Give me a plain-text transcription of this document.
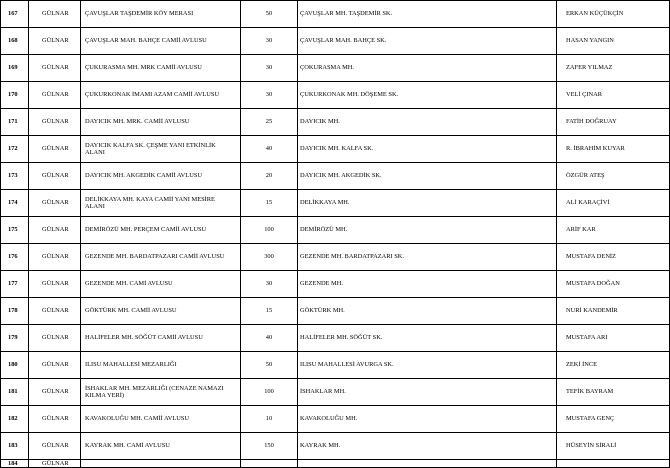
167	GÜLNAR	ÇAVUŞLAR TAŞDEMİR KÖY MERASI	50	ÇAVUŞLAR MH. TAŞDEMİR SK.	ERKAN KÜÇÜKÇİN
168	GÜLNAR	ÇAVUŞLAR MAH. BAHÇE CAMİİ AVLUSU	30	ÇAVUŞLAR MAH. BAHÇE SK.	HASAN YANGIN
169	GÜLNAR	ÇUKURASMA MH. MRK CAMİİ AVLUSU	30	ÇOKURASMA MH.	ZAFER YILMAZ
170	GÜLNAR	ÇUKURKONAK İMAMI AZAM CAMİİ AVLUSU	30	ÇUKURKONAK MH. DÖŞEME SK.	VELİ ÇINAR
171	GÜLNAR	DAYICIK MH. MRK. CAMİİ AVLUSU	25	DAYICIK MH.	FATİH DOĞRUAY
172	GÜLNAR	DAYICIK KALFA SK. ÇEŞME YANI ETKİNLİK ALANI	40	DAYICIK MH. KALFA SK.	R. İBRAHİM KUYAR
173	GÜLNAR	DAYICIK MH. AKGEDİK CAMİİ AVLUSU	20	DAYICIK MH. AKGEDİK SK.	ÖZGÜR ATEŞ
174	GÜLNAR	DELİKKAYA MH. KAYA CAMİİ YANI MESİRE ALANI	15	DELİKKAYA MH.	ALİ KARAÇİVİ
175	GÜLNAR	DEMİRÖZÜ MH. PERÇEM CAMİİ AVLUSU	100	DEMİRÖZÜ MH.	ARİF KAR
176	GÜLNAR	GEZENDE MH. BARDATPAZARI CAMİİ AVLUSU	300	GEZENDE MH. BARDATPAZARI SK.	MUSTAFA DENİZ
177	GÜLNAR	GEZENDE MH. CAMİ AVLUSU	30	GEZENDE MH.	MUSTAFA DOĞAN
178	GÜLNAR	GÖKTÜRK MH. CAMİİ AVLUSU	15	GÖKTÜRK MH.	NURİ KANDEMİR
179	GÜLNAR	HALİFELER MH. SÖĞÜT CAMİİ AVLUSU	40	HALİFELER MH. SÖĞÜT SK.	MUSTAFA ARI
180	GÜLNAR	ILISU MAHALLESİ MEZARLIĞI	50	ILISU MAHALLESİ AVURGA SK.	ZEKİ İNCE
181	GÜLNAR	İSHAKLAR MH. MEZARLIĞI (CENAZE NAMAZI KILMA YERİ)	100	İSHAKLAR MH.	TEFİK BAYRAM
182	GÜLNAR	KAVAKOLUĞU MH. CAMİİ AVLUSU	10	KAVAKOLUĞU MH.	MUSTAFA GENÇ
183	GÜLNAR	KAYRAK MH. CAMİ AVLUSU	150	KAYRAK MH.	HÜSEYİN SİRALİ
184	GÜLNAR				
